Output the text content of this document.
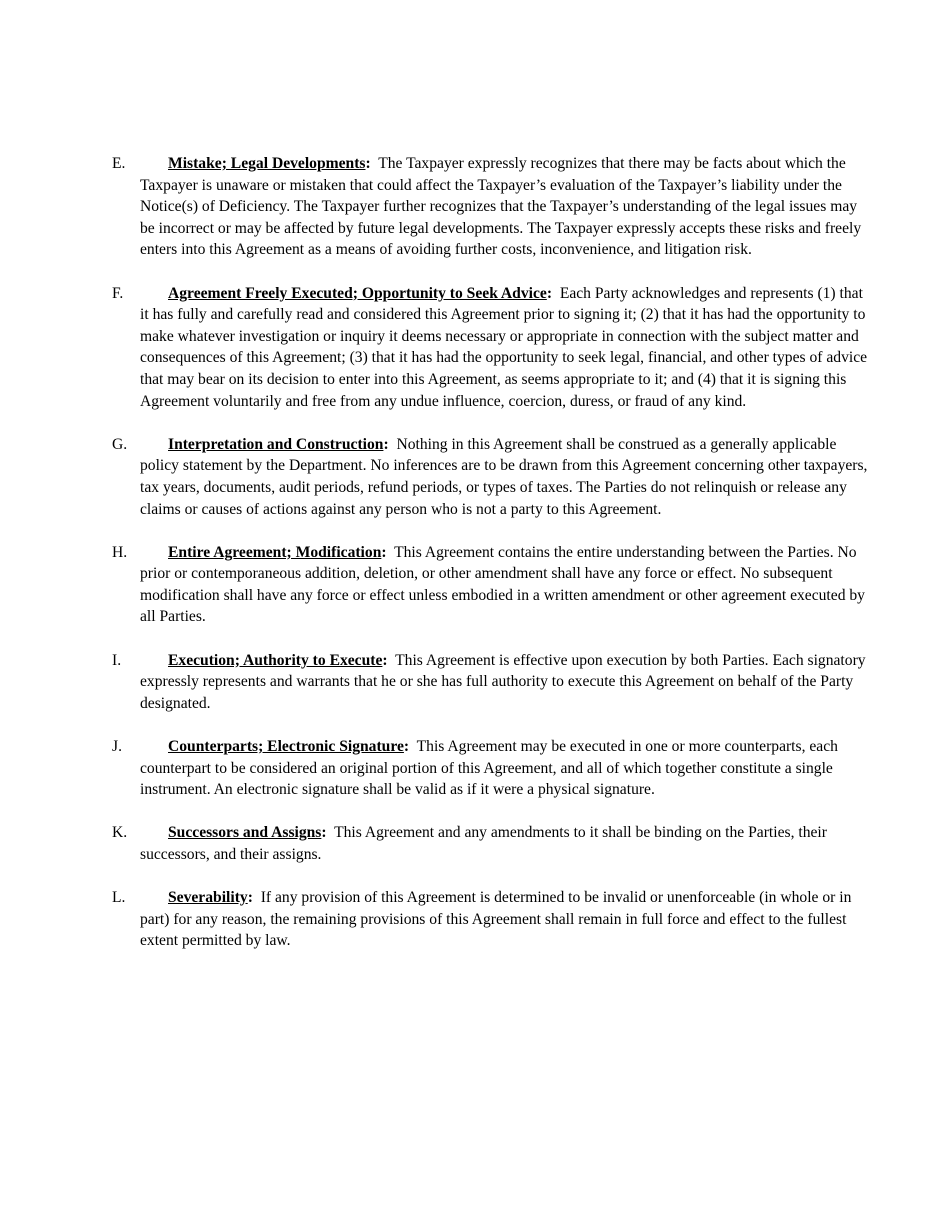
E.	Mistake; Legal Developments: The Taxpayer expressly recognizes that there may be facts about which the Taxpayer is unaware or mistaken that could affect the Taxpayer’s evaluation of the Taxpayer’s liability under the Notice(s) of Deficiency. The Taxpayer further recognizes that the Taxpayer’s understanding of the legal issues may be incorrect or may be affected by future legal developments. The Taxpayer expressly accepts these risks and freely enters into this Agreement as a means of avoiding further costs, inconvenience, and litigation risk.

F.	Agreement Freely Executed; Opportunity to Seek Advice: Each Party acknowledges and represents (1) that it has fully and carefully read and considered this Agreement prior to signing it; (2) that it has had the opportunity to make whatever investigation or inquiry it deems necessary or appropriate in connection with the subject matter and consequences of this Agreement; (3) that it has had the opportunity to seek legal, financial, and other types of advice that may bear on its decision to enter into this Agreement, as seems appropriate to it; and (4) that it is signing this Agreement voluntarily and free from any undue influence, coercion, duress, or fraud of any kind.

G.	Interpretation and Construction: Nothing in this Agreement shall be construed as a generally applicable policy statement by the Department. No inferences are to be drawn from this Agreement concerning other taxpayers, tax years, documents, audit periods, refund periods, or types of taxes. The Parties do not relinquish or release any claims or causes of actions against any person who is not a party to this Agreement.

H.	Entire Agreement; Modification: This Agreement contains the entire understanding between the Parties. No prior or contemporaneous addition, deletion, or other amendment shall have any force or effect. No subsequent modification shall have any force or effect unless embodied in a written amendment or other agreement executed by all Parties.

I.	Execution; Authority to Execute: This Agreement is effective upon execution by both Parties. Each signatory expressly represents and warrants that he or she has full authority to execute this Agreement on behalf of the Party designated.

J.	Counterparts; Electronic Signature: This Agreement may be executed in one or more counterparts, each counterpart to be considered an original portion of this Agreement, and all of which together constitute a single instrument. An electronic signature shall be valid as if it were a physical signature.

K.	Successors and Assigns: This Agreement and any amendments to it shall be binding on the Parties, their successors, and their assigns.

L.	Severability: If any provision of this Agreement is determined to be invalid or unenforceable (in whole or in part) for any reason, the remaining provisions of this Agreement shall remain in full force and effect to the fullest extent permitted by law.
